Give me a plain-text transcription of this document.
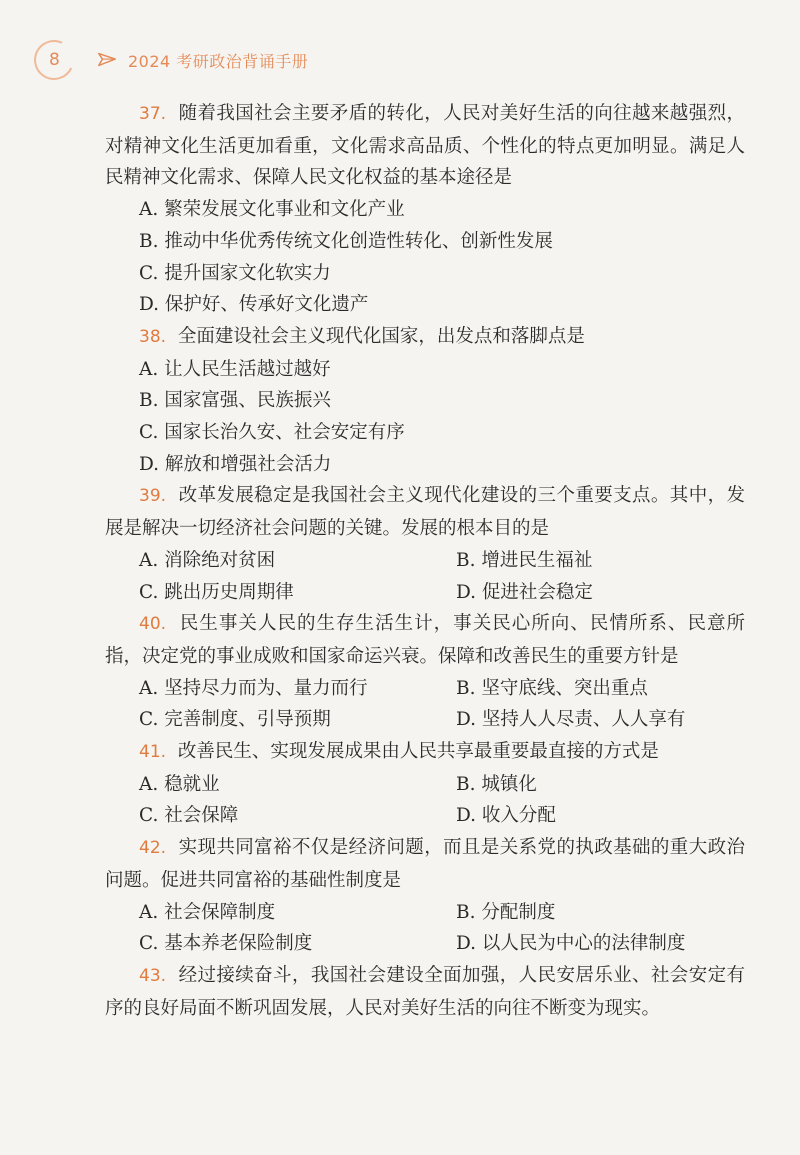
8	2024 考研政治背诵手册

37. 随着我国社会主要矛盾的转化，人民对美好生活的向往越来越强烈，对精神文化生活更加看重，文化需求高品质、个性化的特点更加明显。满足人民精神文化需求、保障人民文化权益的基本途径是

A. 繁荣发展文化事业和文化产业

B. 推动中华优秀传统文化创造性转化、创新性发展

C. 提升国家文化软实力

D. 保护好、传承好文化遗产

38. 全面建设社会主义现代化国家，出发点和落脚点是

A. 让人民生活越过越好

B. 国家富强、民族振兴

C. 国家长治久安、社会安定有序

D. 解放和增强社会活力

39. 改革发展稳定是我国社会主义现代化建设的三个重要支点。其中，发展是解决一切经济社会问题的关键。发展的根本目的是

A. 消除绝对贫困	B. 增进民生福祉
C. 跳出历史周期律	D. 促进社会稳定

40. 民生事关人民的生存生活生计，事关民心所向、民情所系、民意所指，决定党的事业成败和国家命运兴衰。保障和改善民生的重要方针是

A. 坚持尽力而为、量力而行	B. 坚守底线、突出重点
C. 完善制度、引导预期	D. 坚持人人尽责、人人享有

41. 改善民生、实现发展成果由人民共享最重要最直接的方式是

A. 稳就业	B. 城镇化
C. 社会保障	D. 收入分配

42. 实现共同富裕不仅是经济问题，而且是关系党的执政基础的重大政治问题。促进共同富裕的基础性制度是

A. 社会保障制度	B. 分配制度
C. 基本养老保险制度	D. 以人民为中心的法律制度

43. 经过接续奋斗，我国社会建设全面加强，人民安居乐业、社会安定有序的良好局面不断巩固发展，人民对美好生活的向往不断变为现实。
